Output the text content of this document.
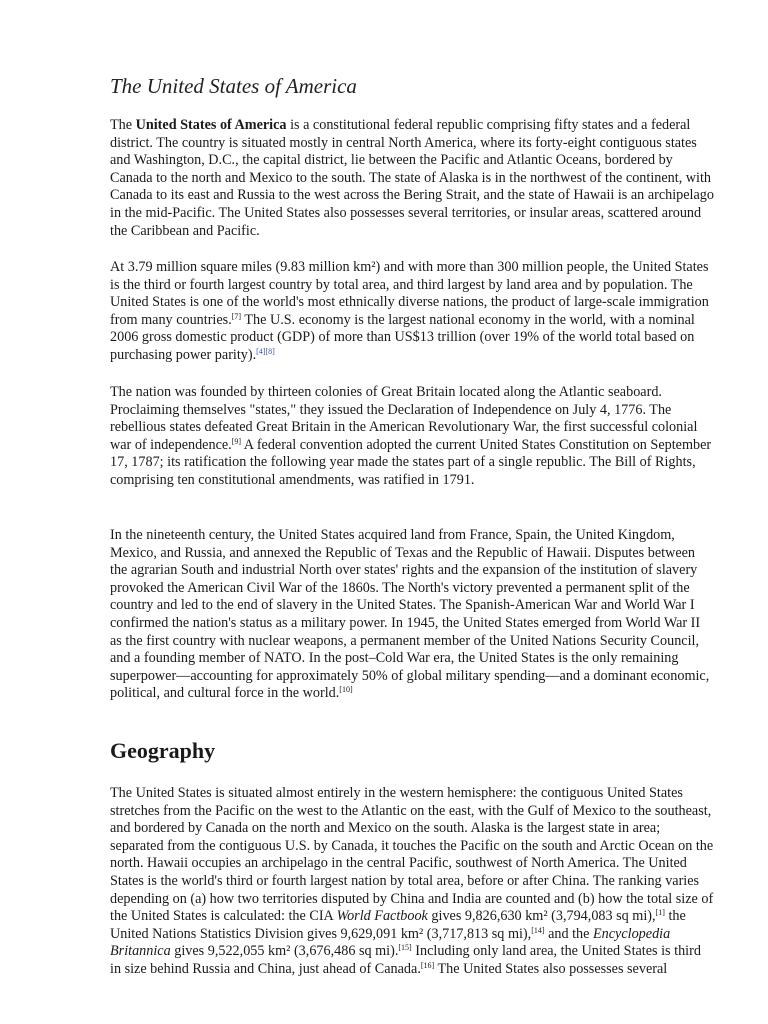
The United States of America

The United States of America is a constitutional federal republic comprising fifty states and a federal district. The country is situated mostly in central North America, where its forty-eight contiguous states and Washington, D.C., the capital district, lie between the Pacific and Atlantic Oceans, bordered by Canada to the north and Mexico to the south. The state of Alaska is in the northwest of the continent, with Canada to its east and Russia to the west across the Bering Strait, and the state of Hawaii is an archipelago in the mid-Pacific. The United States also possesses several territories, or insular areas, scattered around the Caribbean and Pacific.

At 3.79 million square miles (9.83 million km²) and with more than 300 million people, the United States is the third or fourth largest country by total area, and third largest by land area and by population. The United States is one of the world's most ethnically diverse nations, the product of large-scale immigration from many countries.[7] The U.S. economy is the largest national economy in the world, with a nominal 2006 gross domestic product (GDP) of more than US$13 trillion (over 19% of the world total based on purchasing power parity).[4][8]

The nation was founded by thirteen colonies of Great Britain located along the Atlantic seaboard. Proclaiming themselves "states," they issued the Declaration of Independence on July 4, 1776. The rebellious states defeated Great Britain in the American Revolutionary War, the first successful colonial war of independence.[9] A federal convention adopted the current United States Constitution on September 17, 1787; its ratification the following year made the states part of a single republic. The Bill of Rights, comprising ten constitutional amendments, was ratified in 1791.

In the nineteenth century, the United States acquired land from France, Spain, the United Kingdom, Mexico, and Russia, and annexed the Republic of Texas and the Republic of Hawaii. Disputes between the agrarian South and industrial North over states' rights and the expansion of the institution of slavery provoked the American Civil War of the 1860s. The North's victory prevented a permanent split of the country and led to the end of slavery in the United States. The Spanish-American War and World War I confirmed the nation's status as a military power. In 1945, the United States emerged from World War II as the first country with nuclear weapons, a permanent member of the United Nations Security Council, and a founding member of NATO. In the post–Cold War era, the United States is the only remaining superpower—accounting for approximately 50% of global military spending—and a dominant economic, political, and cultural force in the world.[10]

Geography

The United States is situated almost entirely in the western hemisphere: the contiguous United States stretches from the Pacific on the west to the Atlantic on the east, with the Gulf of Mexico to the southeast, and bordered by Canada on the north and Mexico on the south. Alaska is the largest state in area; separated from the contiguous U.S. by Canada, it touches the Pacific on the south and Arctic Ocean on the north. Hawaii occupies an archipelago in the central Pacific, southwest of North America. The United States is the world's third or fourth largest nation by total area, before or after China. The ranking varies depending on (a) how two territories disputed by China and India are counted and (b) how the total size of the United States is calculated: the CIA World Factbook gives 9,826,630 km² (3,794,083 sq mi),[1] the United Nations Statistics Division gives 9,629,091 km² (3,717,813 sq mi),[14] and the Encyclopedia Britannica gives 9,522,055 km² (3,676,486 sq mi).[15] Including only land area, the United States is third in size behind Russia and China, just ahead of Canada.[16] The United States also possesses several
